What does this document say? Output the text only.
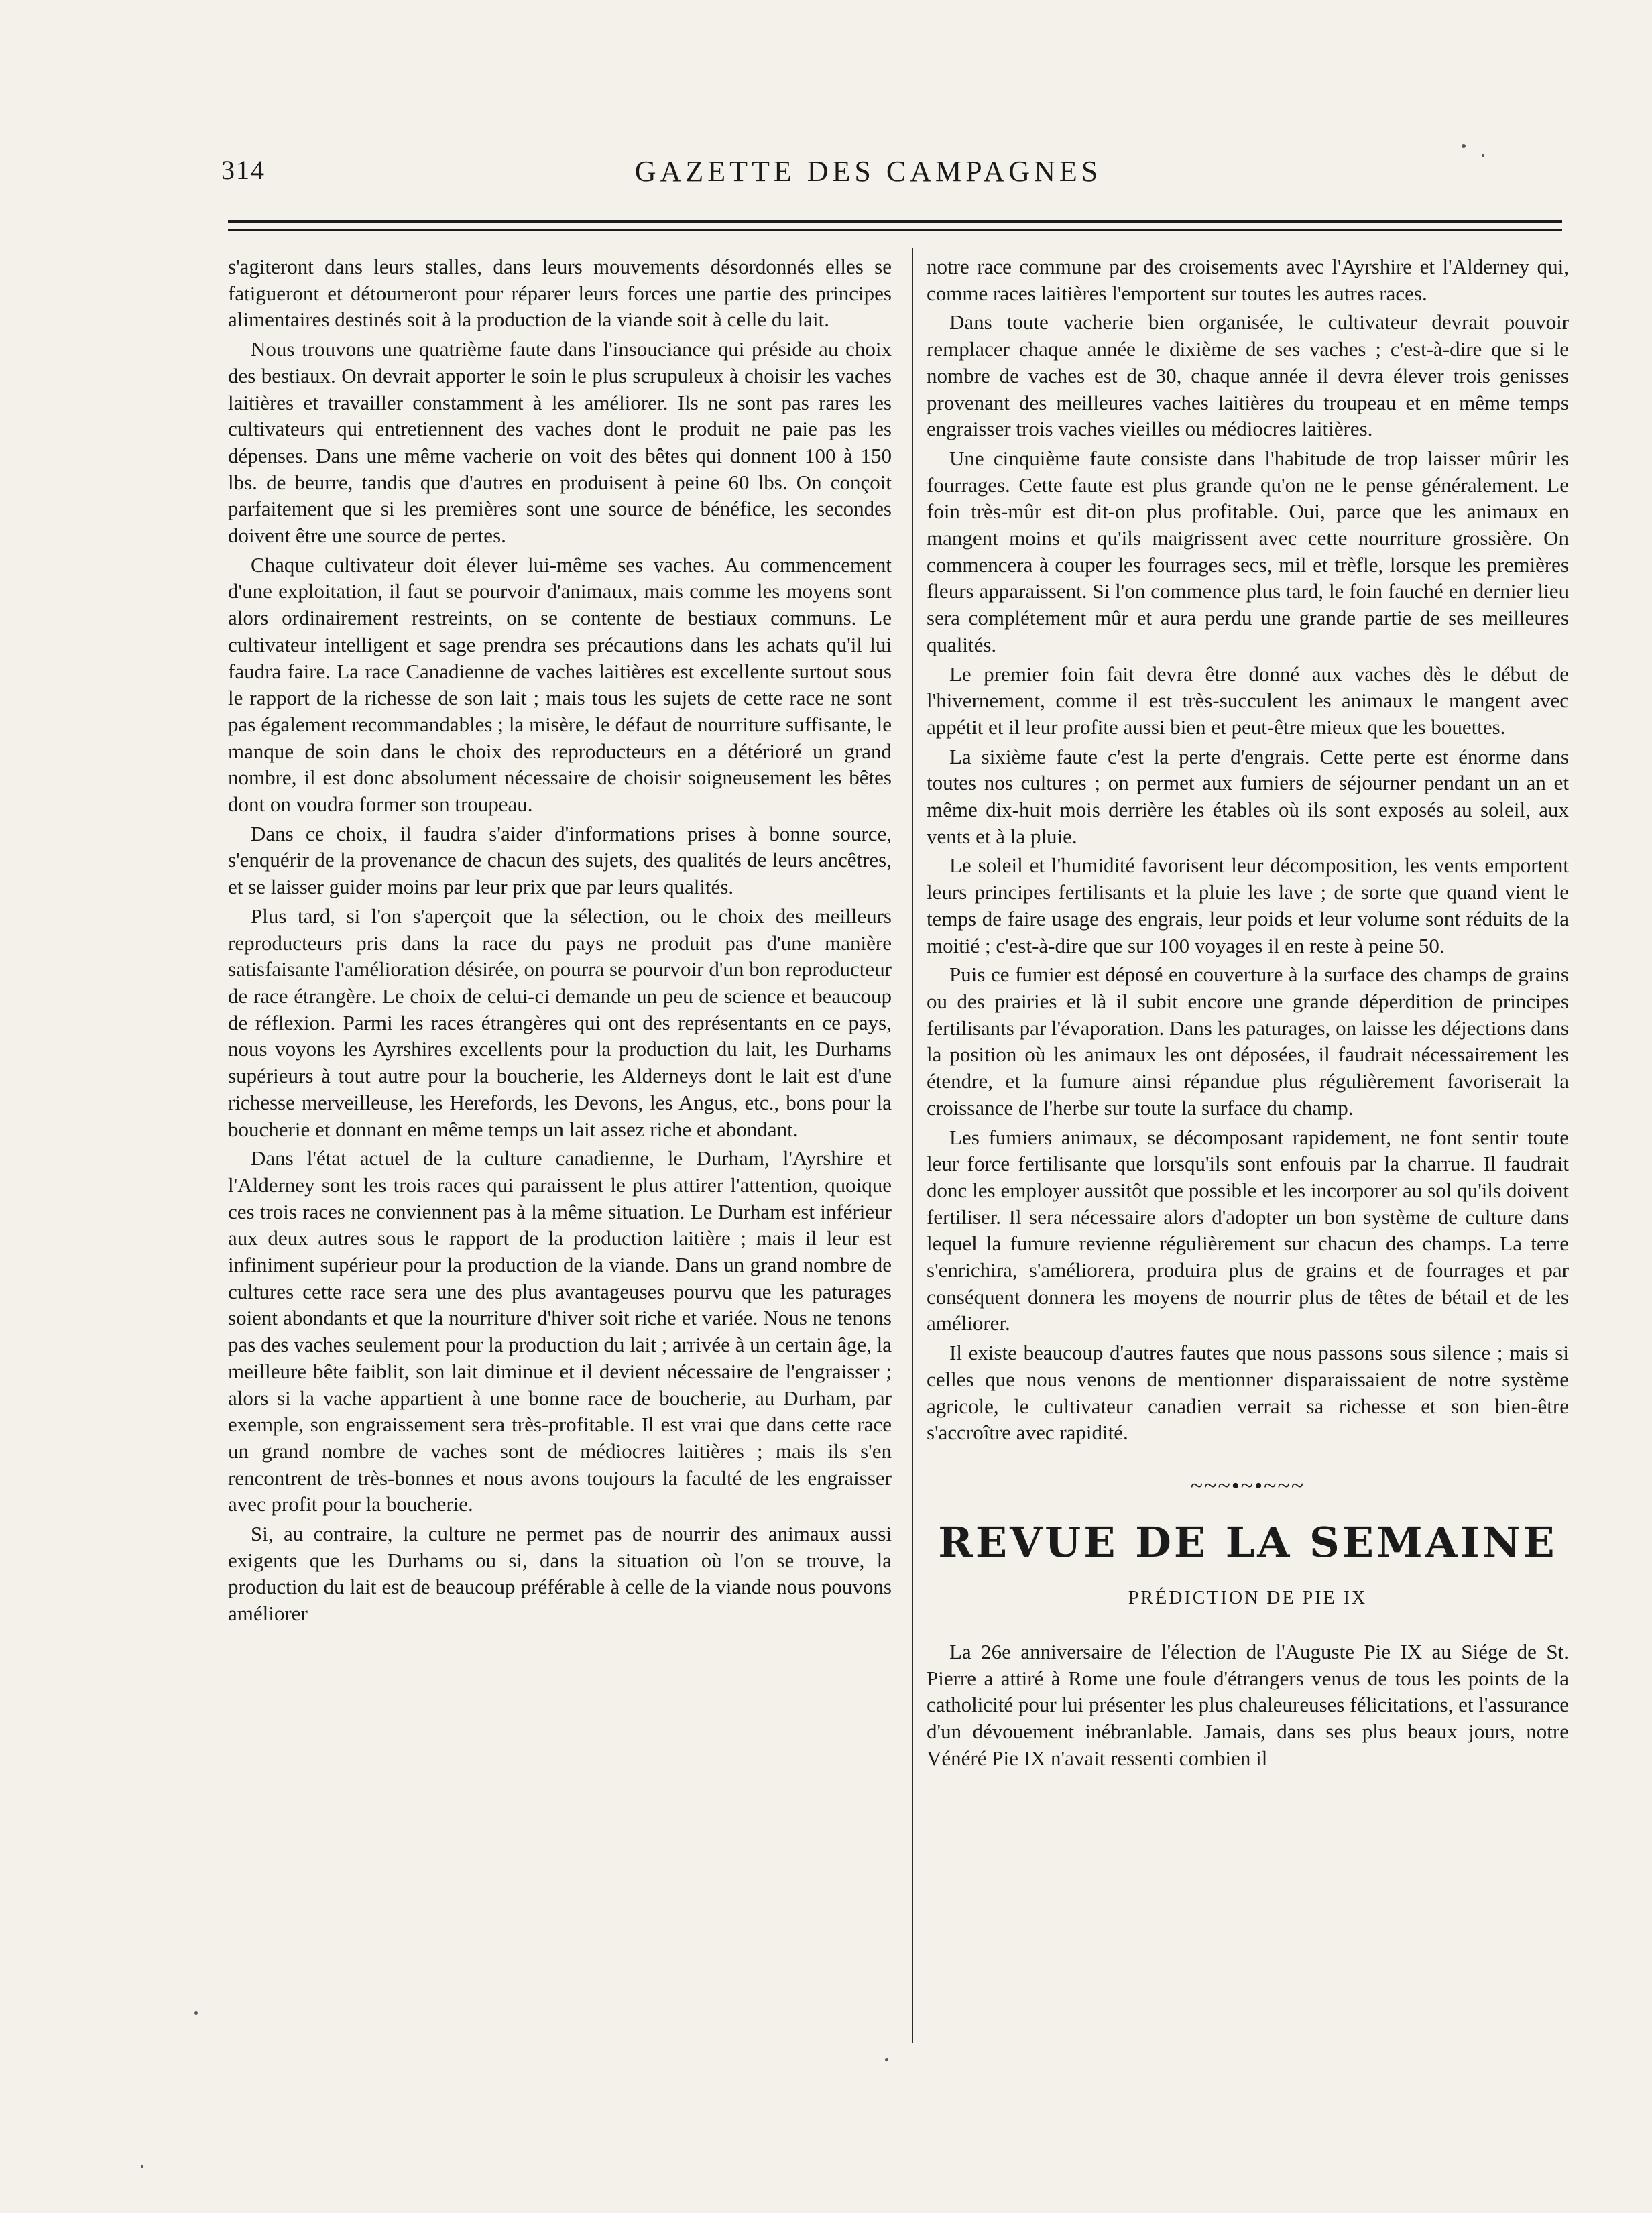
314	GAZETTE DES CAMPAGNES

s'agiteront dans leurs stalles, dans leurs mouvements désordonnés elles se fatigueront et détourneront pour réparer leurs forces une partie des principes alimentaires destinés soit à la production de la viande soit à celle du lait.

Nous trouvons une quatrième faute dans l'insouciance qui préside au choix des bestiaux. On devrait apporter le soin le plus scrupuleux à choisir les vaches laitières et travailler constamment à les améliorer. Ils ne sont pas rares les cultivateurs qui entretiennent des vaches dont le produit ne paie pas les dépenses. Dans une même vacherie on voit des bêtes qui donnent 100 à 150 lbs. de beurre, tandis que d'autres en produisent à peine 60 lbs. On conçoit parfaitement que si les premières sont une source de bénéfice, les secondes doivent être une source de pertes.

Chaque cultivateur doit élever lui-même ses vaches. Au commencement d'une exploitation, il faut se pourvoir d'animaux, mais comme les moyens sont alors ordinairement restreints, on se contente de bestiaux communs. Le cultivateur intelligent et sage prendra ses précautions dans les achats qu'il lui faudra faire. La race Canadienne de vaches laitières est excellente surtout sous le rapport de la richesse de son lait ; mais tous les sujets de cette race ne sont pas également recommandables ; la misère, le défaut de nourriture suffisante, le manque de soin dans le choix des reproducteurs en a détérioré un grand nombre, il est donc absolument nécessaire de choisir soigneusement les bêtes dont on voudra former son troupeau.

Dans ce choix, il faudra s'aider d'informations prises à bonne source, s'enquérir de la provenance de chacun des sujets, des qualités de leurs ancêtres, et se laisser guider moins par leur prix que par leurs qualités.

Plus tard, si l'on s'aperçoit que la sélection, ou le choix des meilleurs reproducteurs pris dans la race du pays ne produit pas d'une manière satisfaisante l'amélioration désirée, on pourra se pourvoir d'un bon reproducteur de race étrangère. Le choix de celui-ci demande un peu de science et beaucoup de réflexion. Parmi les races étrangères qui ont des représentants en ce pays, nous voyons les Ayrshires excellents pour la production du lait, les Durhams supérieurs à tout autre pour la boucherie, les Alderneys dont le lait est d'une richesse merveilleuse, les Herefords, les Devons, les Angus, etc., bons pour la boucherie et donnant en même temps un lait assez riche et abondant.

Dans l'état actuel de la culture canadienne, le Durham, l'Ayrshire et l'Alderney sont les trois races qui paraissent le plus attirer l'attention, quoique ces trois races ne conviennent pas à la même situation. Le Durham est inférieur aux deux autres sous le rapport de la production laitière ; mais il leur est infiniment supérieur pour la production de la viande. Dans un grand nombre de cultures cette race sera une des plus avantageuses pourvu que les paturages soient abondants et que la nourriture d'hiver soit riche et variée. Nous ne tenons pas des vaches seulement pour la production du lait ; arrivée à un certain âge, la meilleure bête faiblit, son lait diminue et il devient nécessaire de l'engraisser ; alors si la vache appartient à une bonne race de boucherie, au Durham, par exemple, son engraissement sera très-profitable. Il est vrai que dans cette race un grand nombre de vaches sont de médiocres laitières ; mais ils s'en rencontrent de très-bonnes et nous avons toujours la faculté de les engraisser avec profit pour la boucherie.

Si, au contraire, la culture ne permet pas de nourrir des animaux aussi exigents que les Durhams ou si, dans la situation où l'on se trouve, la production du lait est de beaucoup préférable à celle de la viande nous pouvons améliorer

notre race commune par des croisements avec l'Ayrshire et l'Alderney qui, comme races laitières l'emportent sur toutes les autres races.

Dans toute vacherie bien organisée, le cultivateur devrait pouvoir remplacer chaque année le dixième de ses vaches ; c'est-à-dire que si le nombre de vaches est de 30, chaque année il devra élever trois genisses provenant des meilleures vaches laitières du troupeau et en même temps engraisser trois vaches vieilles ou médiocres laitières.

Une cinquième faute consiste dans l'habitude de trop laisser mûrir les fourrages. Cette faute est plus grande qu'on ne le pense généralement. Le foin très-mûr est dit-on plus profitable. Oui, parce que les animaux en mangent moins et qu'ils maigrissent avec cette nourriture grossière. On commencera à couper les fourrages secs, mil et trèfle, lorsque les premières fleurs apparaissent. Si l'on commence plus tard, le foin fauché en dernier lieu sera complétement mûr et aura perdu une grande partie de ses meilleures qualités.

Le premier foin fait devra être donné aux vaches dès le début de l'hivernement, comme il est très-succulent les animaux le mangent avec appétit et il leur profite aussi bien et peut-être mieux que les bouettes.

La sixième faute c'est la perte d'engrais. Cette perte est énorme dans toutes nos cultures ; on permet aux fumiers de séjourner pendant un an et même dix-huit mois derrière les étables où ils sont exposés au soleil, aux vents et à la pluie.

Le soleil et l'humidité favorisent leur décomposition, les vents emportent leurs principes fertilisants et la pluie les lave ; de sorte que quand vient le temps de faire usage des engrais, leur poids et leur volume sont réduits de la moitié ; c'est-à-dire que sur 100 voyages il en reste à peine 50.

Puis ce fumier est déposé en couverture à la surface des champs de grains ou des prairies et là il subit encore une grande déperdition de principes fertilisants par l'évaporation. Dans les paturages, on laisse les déjections dans la position où les animaux les ont déposées, il faudrait nécessairement les étendre, et la fumure ainsi répandue plus régulièrement favoriserait la croissance de l'herbe sur toute la surface du champ.

Les fumiers animaux, se décomposant rapidement, ne font sentir toute leur force fertilisante que lorsqu'ils sont enfouis par la charrue. Il faudrait donc les employer aussitôt que possible et les incorporer au sol qu'ils doivent fertiliser. Il sera nécessaire alors d'adopter un bon système de culture dans lequel la fumure revienne régulièrement sur chacun des champs. La terre s'enrichira, s'améliorera, produira plus de grains et de fourrages et par conséquent donnera les moyens de nourrir plus de têtes de bétail et de les améliorer.

Il existe beaucoup d'autres fautes que nous passons sous silence ; mais si celles que nous venons de mentionner disparaissaient de notre système agricole, le cultivateur canadien verrait sa richesse et son bien-être s'accroître avec rapidité.

~~~•~•~~~
REVUE DE LA SEMAINE
PRÉDICTION DE PIE IX

La 26e anniversaire de l'élection de l'Auguste Pie IX au Siége de St. Pierre a attiré à Rome une foule d'étrangers venus de tous les points de la catholicité pour lui présenter les plus chaleureuses félicitations, et l'assurance d'un dévouement inébranlable. Jamais, dans ses plus beaux jours, notre Vénéré Pie IX n'avait ressenti combien il
